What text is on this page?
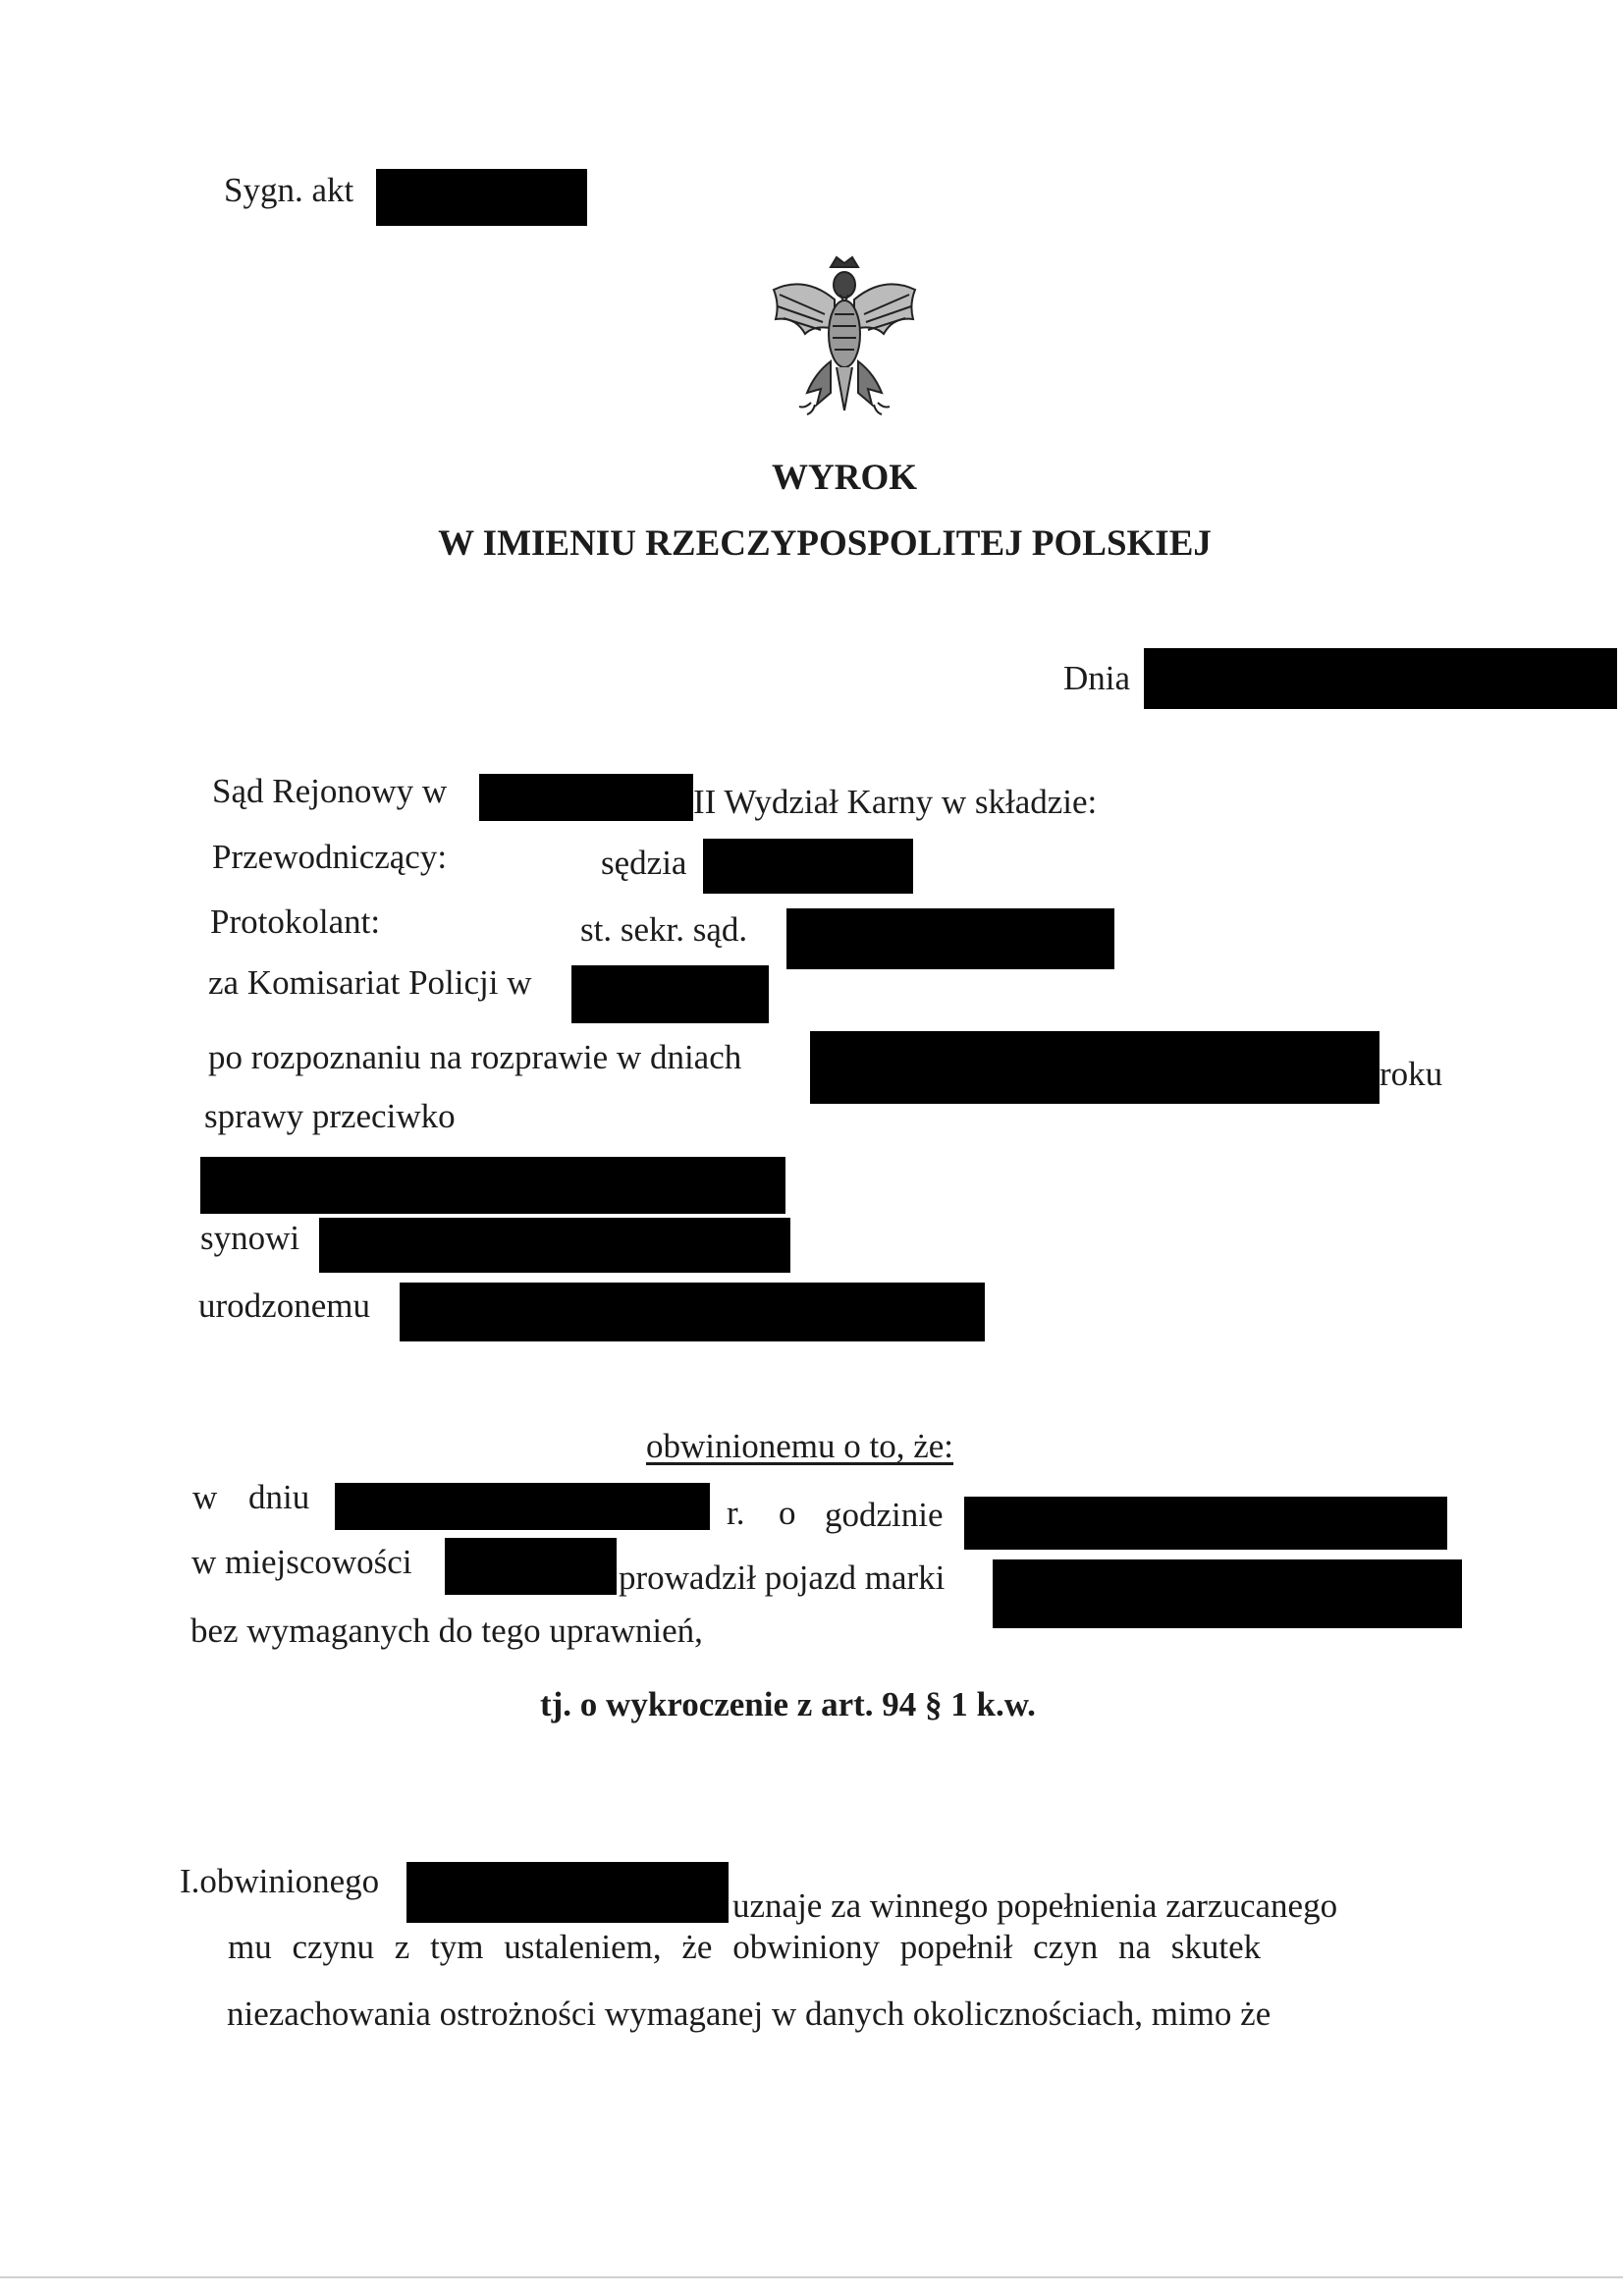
Sygn. akt
WYROK
W IMIENIU RZECZYPOSPOLITEJ POLSKIEJ
Dnia
Sąd Rejonowy w	II Wydział Karny w składzie:
Przewodniczący:	sędzia
Protokolant:	st. sekr. sąd.
za Komisariat Policji w
po rozpoznaniu na rozprawie w dniach	roku
sprawy przeciwko
synowi
urodzonemu
obwinionemu o to, że:
w dniu	r. o godzinie
w miejscowości	prowadził pojazd marki
bez wymaganych do tego uprawnień,
tj. o wykroczenie z art. 94 § 1 k.w.
I.obwinionego
uznaje za winnego popełnienia zarzucanego
mu czynu z tym ustaleniem, że obwiniony popełnił czyn na skutek
niezachowania ostrożności wymaganej w danych okolicznościach, mimo że
